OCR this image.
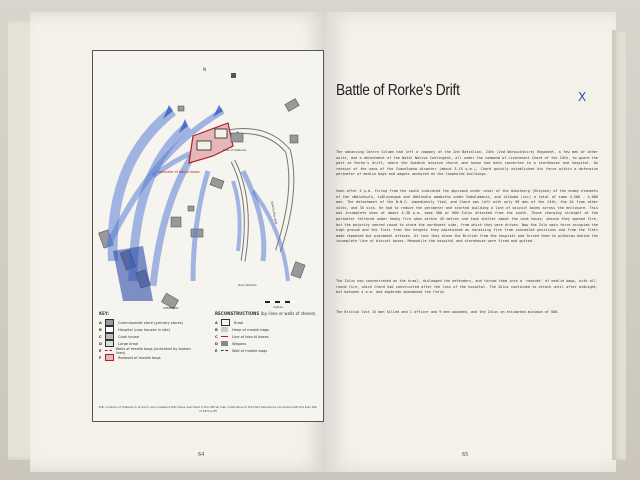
N
perimeter of biscuit boxes
Line of defence
Zulu attacks
road to the drift
CEMETERY	metres
KEY:
A	Commissariat store (primary stores)
B	Hospital (now houses in site)
C	Cook house
D	Large kraal
E	Walls of mealie bags (indicated by broken lines)
F	Redoubt of mealie bags
RECONSTRUCTIONS (by lines or walls of stones)
A	Kraal
B	Heap of mealie bags
C	Line of biscuit boxes
D	Wagons
E	Wall of mealie bags
N.B. numbers of features A, B and C are consistent with those described in the official map in Narrative of the Field Operations connected with the Zulu War of 1879 p.85
64
Battle of Rorke's Drift	X
The advancing Centre Column had left a company of the 2nd Battalion, 24th (2nd Warwickshire) Regiment, a few men of other units, and a detachment of the Natal Native Contingent, all under the command of Lieutenant Chard of the 24th, to guard the post at Rorke's drift, where the Swedish mission church and house had been converted to a storehouse and hospital. On receipt of the news of the Isandlwana disaster (about 3.15 p.m.), Chard quickly established his force within a defensive perimeter of mealie bags and wagons anchored on the loopholed buildings.
Soon after 4 p.m. firing from the south indicated the approach under cover of the Oskarberg (Shiyane) of the enemy elements of the uNdlunkulu, inDluyengwe and iNdlondlo amabutho under Dabulamanzi, and iSibuba (sic) a total of some 3,500 - 4,000 men. The detachment of the N.N.C. immediately fled, and Chard was left with only 98 men of the 24th, the 34 from other units, and 35 sick. He had to reduce the perimeter and started building a line of biscuit boxes across the enclosure. This was incomplete when at about 4.30 p.m. some 500 or 600 Zulus attacked from the south. Those charging straight at the perimeter faltered under heavy fire when within 45 metres and took shelter about the cook house, whence they opened fire, but the majority veered round to storm the northwest side, from which they were driven. Now the Zulu main force occupied the high ground and the flats from the heights they maintained an harassing fire from concealed positions and from the flats made repeated but piecemeal attacks. At last they drove the British from the hospital and forced them to withdraw behind the incomplete line of biscuit boxes. Meanwhile the hospital and storehouse were fired and gutted.
The Zulus now concentrated on the kraal, dislodged the defenders, and forced them into a 'redoubt' of mealie bags, with all-round fire, which Chard had constructed after the loss of the hospital. The Zulus continued to attack until after midnight, but between 4 a.m. and daybreak abandoned the field.
The British lost 15 men killed and 1 officer and 9 men wounded, and the Zulus an estimated minimum of 500.
65
